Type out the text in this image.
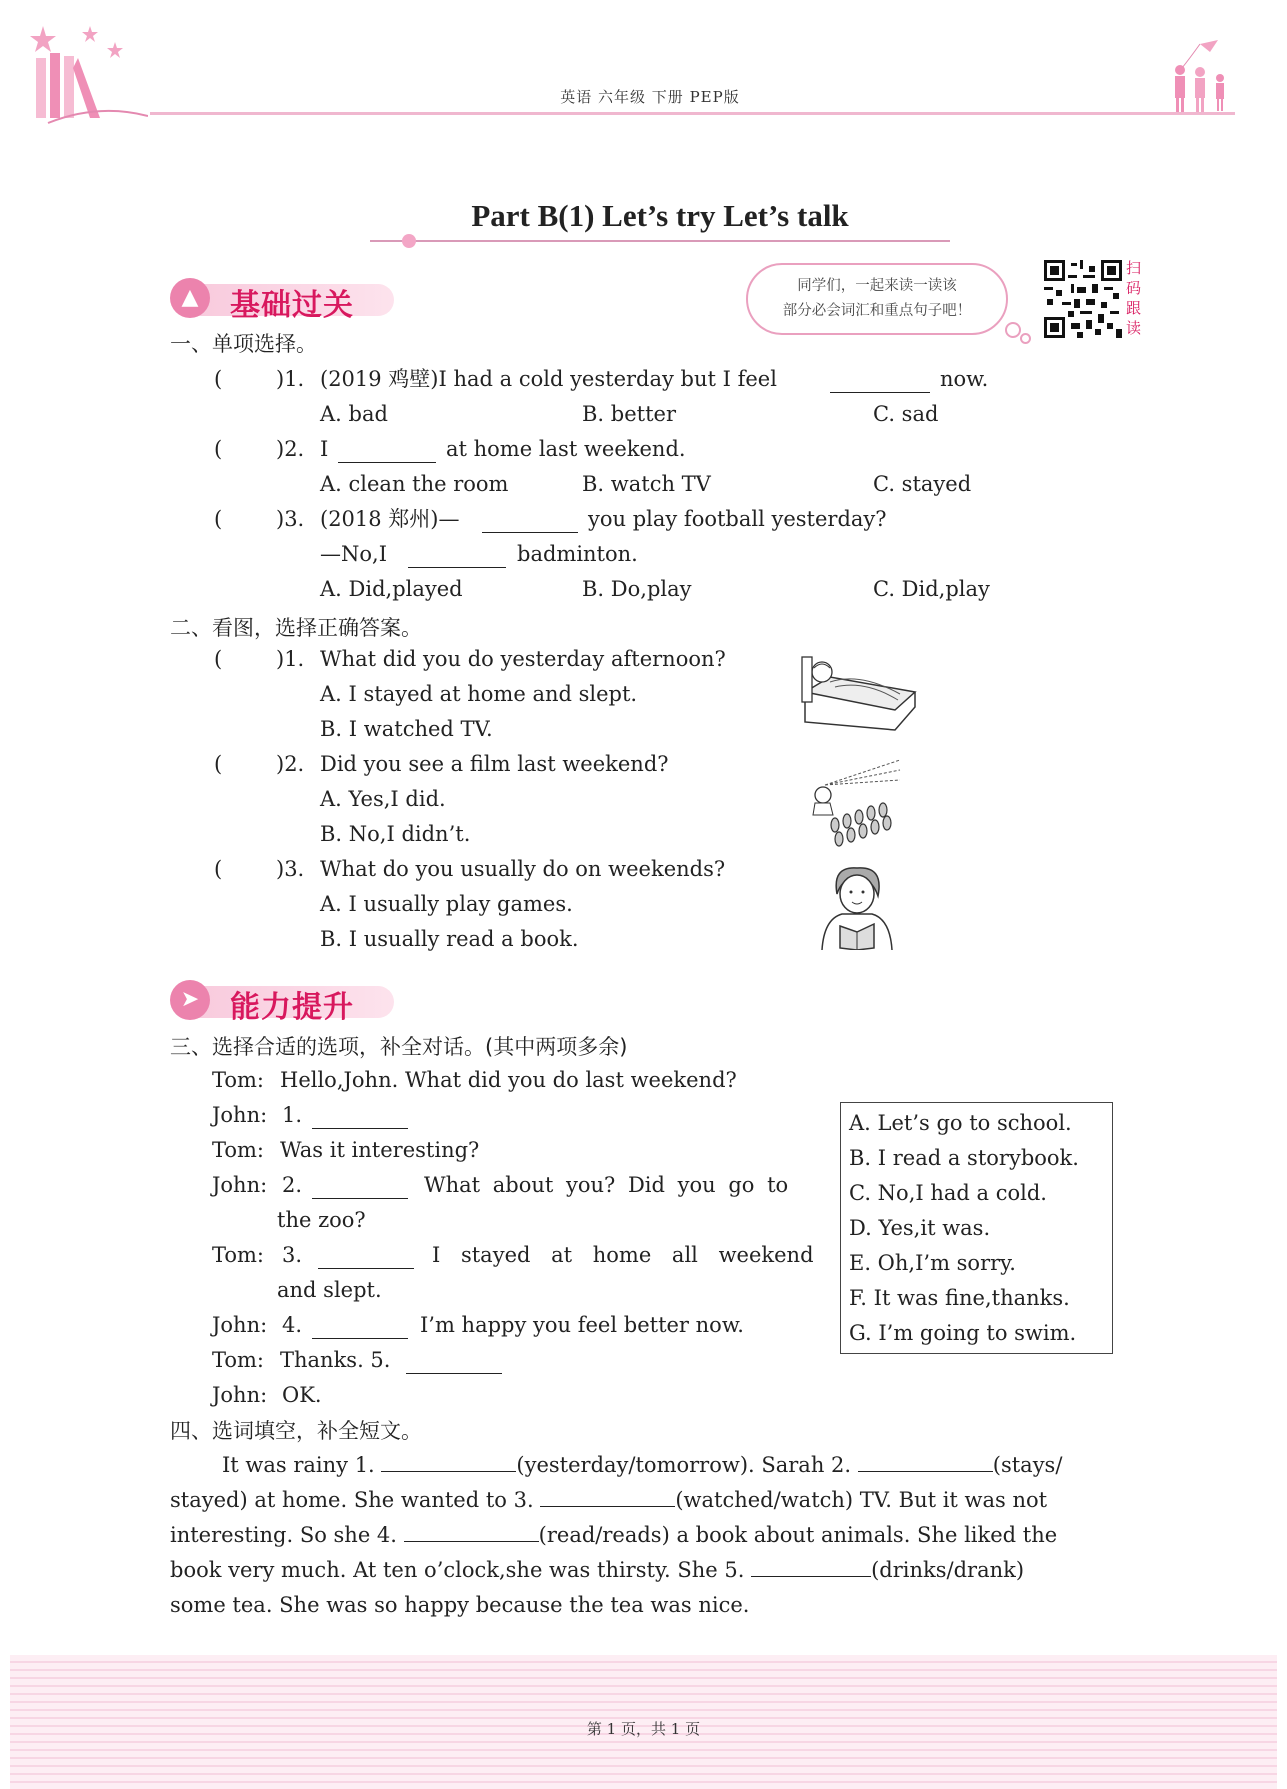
英语 六年级 下册 PEP版
Part B(1) Let’s try Let’s talk
▲	基础过关
同学们，一起来读一读该
部分必会词汇和重点句子吧！
扫
码
跟
读
一、单项选择。
(	)1. (2019 鸡壁)I had a cold yesterday but I feel	now.
A. bad	B. better	C. sad
(	)2. I	at home last weekend.
A. clean the room	B. watch TV	C. stayed
(	)3. (2018 郑州)—	you play football yesterday?
—No,I	badminton.
A. Did,played	B. Do,play	C. Did,play
二、看图，选择正确答案。
(	)1. What did you do yesterday afternoon?
A. I stayed at home and slept.
B. I watched TV.
(	)2. Did you see a film last weekend?
A. Yes,I did.
B. No,I didn’t.
(	)3. What do you usually do on weekends?
A. I usually play games.
B. I usually read a book.
➤	能力提升
三、选择合适的选项，补全对话。(其中两项多余)
Tom: Hello,John. What did you do last weekend?
John: 1.
Tom: Was it interesting?
John: 2.	What about you? Did you go to
the zoo?
Tom: 3.	I stayed at home all weekend
and slept.
John: 4.	I’m happy you feel better now.
Tom: Thanks. 5.
John: OK.
A. Let’s go to school.
B. I read a storybook.
C. No,I had a cold.
D. Yes,it was.
E. Oh,I’m sorry.
F. It was fine,thanks.
G. I’m going to swim.
四、选词填空，补全短文。
It was rainy 1.	(yesterday/tomorrow). Sarah 2.	(stays/
stayed) at home. She wanted to 3.	(watched/watch) TV. But it was not
interesting. So she 4.	(read/reads) a book about animals. She liked the
book very much. At ten o’clock,she was thirsty. She 5.	(drinks/drank)
some tea. She was so happy because the tea was nice.
第 1 页，共 1 页
